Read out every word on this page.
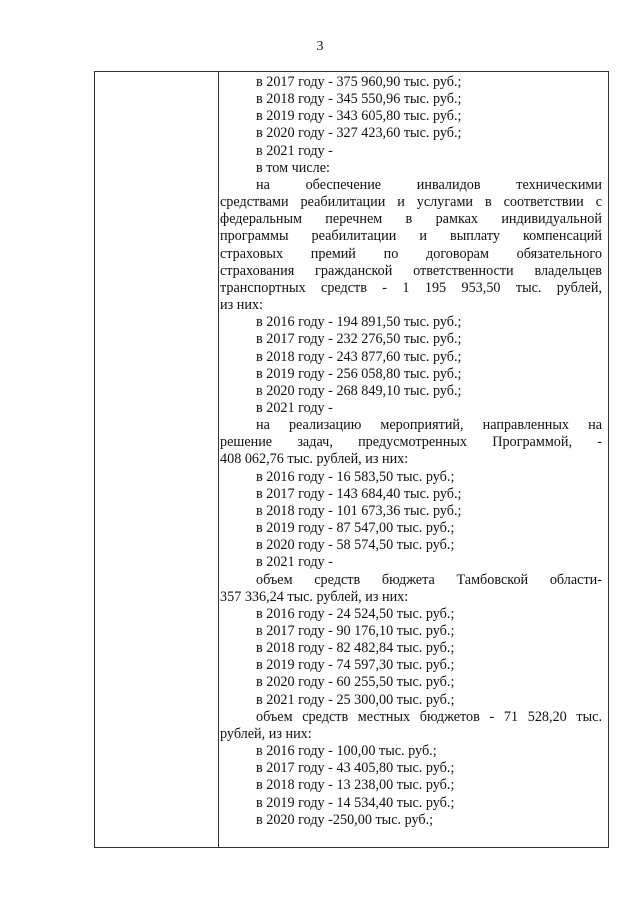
3
в 2017 году - 375 960,90 тыс. руб.;
в 2018 году - 345 550,96 тыс. руб.;
в 2019 году - 343 605,80 тыс. руб.;
в 2020 году - 327 423,60 тыс. руб.;
в 2021 году -
в том числе:
на обеспечение инвалидов техническими
средствами реабилитации и услугами в соответствии с
федеральным перечнем в рамках индивидуальной
программы реабилитации и выплату компенсаций
страховых премий по договорам обязательного
страхования гражданской ответственности владельцев
транспортных средств - 1 195 953,50 тыс. рублей,
из них:
в 2016 году - 194 891,50 тыс. руб.;
в 2017 году - 232 276,50 тыс. руб.;
в 2018 году - 243 877,60 тыс. руб.;
в 2019 году - 256 058,80 тыс. руб.;
в 2020 году - 268 849,10 тыс. руб.;
в 2021 году -
на реализацию мероприятий, направленных на
решение задач, предусмотренных Программой, -
408 062,76 тыс. рублей, из них:
в 2016 году - 16 583,50 тыс. руб.;
в 2017 году - 143 684,40 тыс. руб.;
в 2018 году - 101 673,36 тыс. руб.;
в 2019 году - 87 547,00 тыс. руб.;
в 2020 году - 58 574,50 тыс. руб.;
в 2021 году -
объем средств бюджета Тамбовской области-
357 336,24 тыс. рублей, из них:
в 2016 году - 24 524,50 тыс. руб.;
в 2017 году - 90 176,10 тыс. руб.;
в 2018 году - 82 482,84 тыс. руб.;
в 2019 году - 74 597,30 тыс. руб.;
в 2020 году - 60 255,50 тыс. руб.;
в 2021 году - 25 300,00 тыс. руб.;
объем средств местных бюджетов - 71 528,20 тыс.
рублей, из них:
в 2016 году - 100,00 тыс. руб.;
в 2017 году - 43 405,80 тыс. руб.;
в 2018 году - 13 238,00 тыс. руб.;
в 2019 году - 14 534,40 тыс. руб.;
в 2020 году -250,00 тыс. руб.;
